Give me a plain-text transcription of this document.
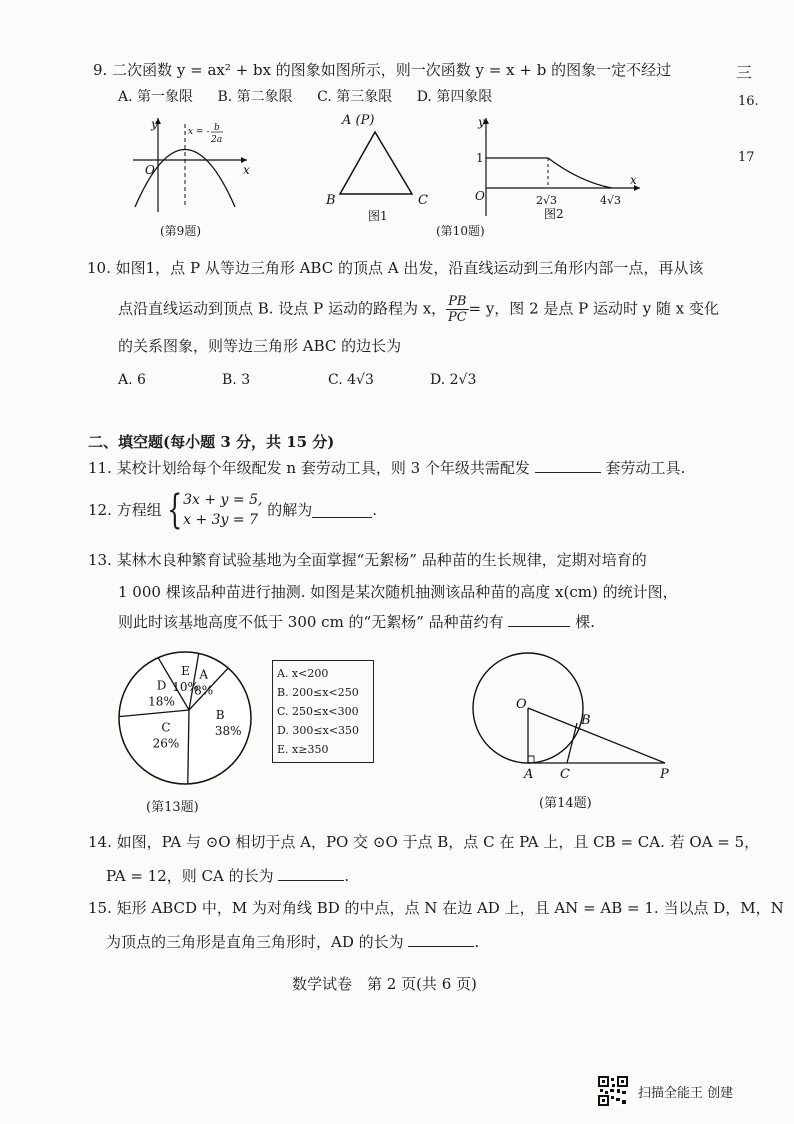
三
16.
17
9. 二次函数 y = ax² + bx 的图象如图所示，则一次函数 y = x + b 的图象一定不经过
A. 第一象限 B. 第二象限 C. 第三象限 D. 第四象限
y
x
O
x = - b
2a
(第9题)
A (P)
B	C
图1
y
x
O
1
2√3	4√3
图2
(第10题)
10. 如图1，点 P 从等边三角形 ABC 的顶点 A 出发，沿直线运动到三角形内部一点，再从该
点沿直线运动到顶点 B. 设点 P 运动的路程为 x， $\frac{PB}{PC} = y$，图 2 是点 P 运动时 y 随 x 变化
的关系图象，则等边三角形 ABC 的边长为
A. 6	B. 3	C. 4√3	D. 2√3
二、填空题(每小题 3 分，共 15 分)
11. 某校计划给每个年级配发 n 套劳动工具，则 3 个年级共需配发	套劳动工具.
12. 方程组 { 3x + y = 5,
x + 3y = 7
的解为	.
13. 某林木良种繁育试验基地为全面掌握“无絮杨” 品种苗的生长规律，定期对培育的
1 000 棵该品种苗进行抽测. 如图是某次随机抽测该品种苗的高度 x(cm) 的统计图，
则此时该基地高度不低于 300 cm 的“无絮杨” 品种苗约有	棵.
A
8%
B
38%
C
26%
D
18%
E
10%
A. x<200
B. 200≤x<250
C. 250≤x<300
D. 300≤x<350
E. x≥350
(第13题)
O
A
B
C	P
(第14题)
14. 如图，PA 与 ⊙O 相切于点 A，PO 交 ⊙O 于点 B，点 C 在 PA 上，且 CB = CA. 若 OA = 5，
PA = 12，则 CA 的长为	.
15. 矩形 ABCD 中，M 为对角线 BD 的中点，点 N 在边 AD 上，且 AN = AB = 1. 当以点 D，M，N
为顶点的三角形是直角三角形时，AD 的长为	.
数学试卷　第 2 页(共 6 页)
扫描全能王 创建
